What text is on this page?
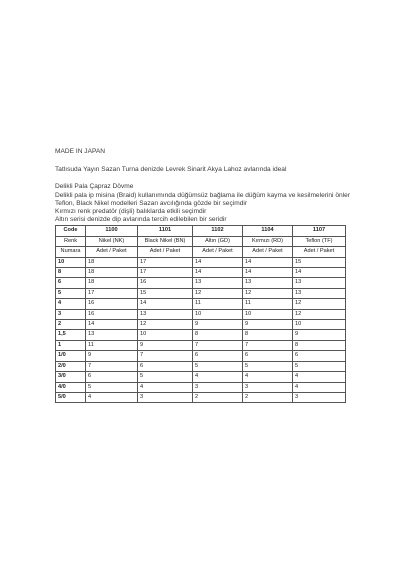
MADE IN JAPAN
Tatlısuda Yayın Sazan Turna denizde Levrek Sinarit Akya Lahoz avlarında ideal
Delikli Pala Çapraz Dövme
Delikli pala ip misina (Braid) kullanımında düğümsüz bağlama ile düğüm kayma ve kesilmelerini önler
Teflon, Black Nikel modelleri Sazan avcılığında gözde bir seçimdir
Kırmızı renk predatör (dişli) balıklarda etkili seçimdir
Altın serisi denizde dip avlarında tercih edilebilen bir seridir
Code	1100	1101	1102	1104	1107
Renk	Nikel (NK)	Black Nikel (BN)	Altın (GD)	Kırmızı (RD)	Teflon (TF)
Numara	Adet / Paket	Adet / Paket	Adet / Paket	Adet / Paket	Adet / Paket
10	18	17	14	14	15
8	18	17	14	14	14
6	18	16	13	13	13
5	17	15	12	12	13
4	16	14	11	11	12
3	16	13	10	10	12
2	14	12	9	9	10
1,5	13	10	8	8	9
1	11	9	7	7	8
1/0	9	7	6	6	6
2/0	7	6	5	5	5
3/0	6	5	4	4	4
4/0	5	4	3	3	4
5/0	4	3	2	2	3
